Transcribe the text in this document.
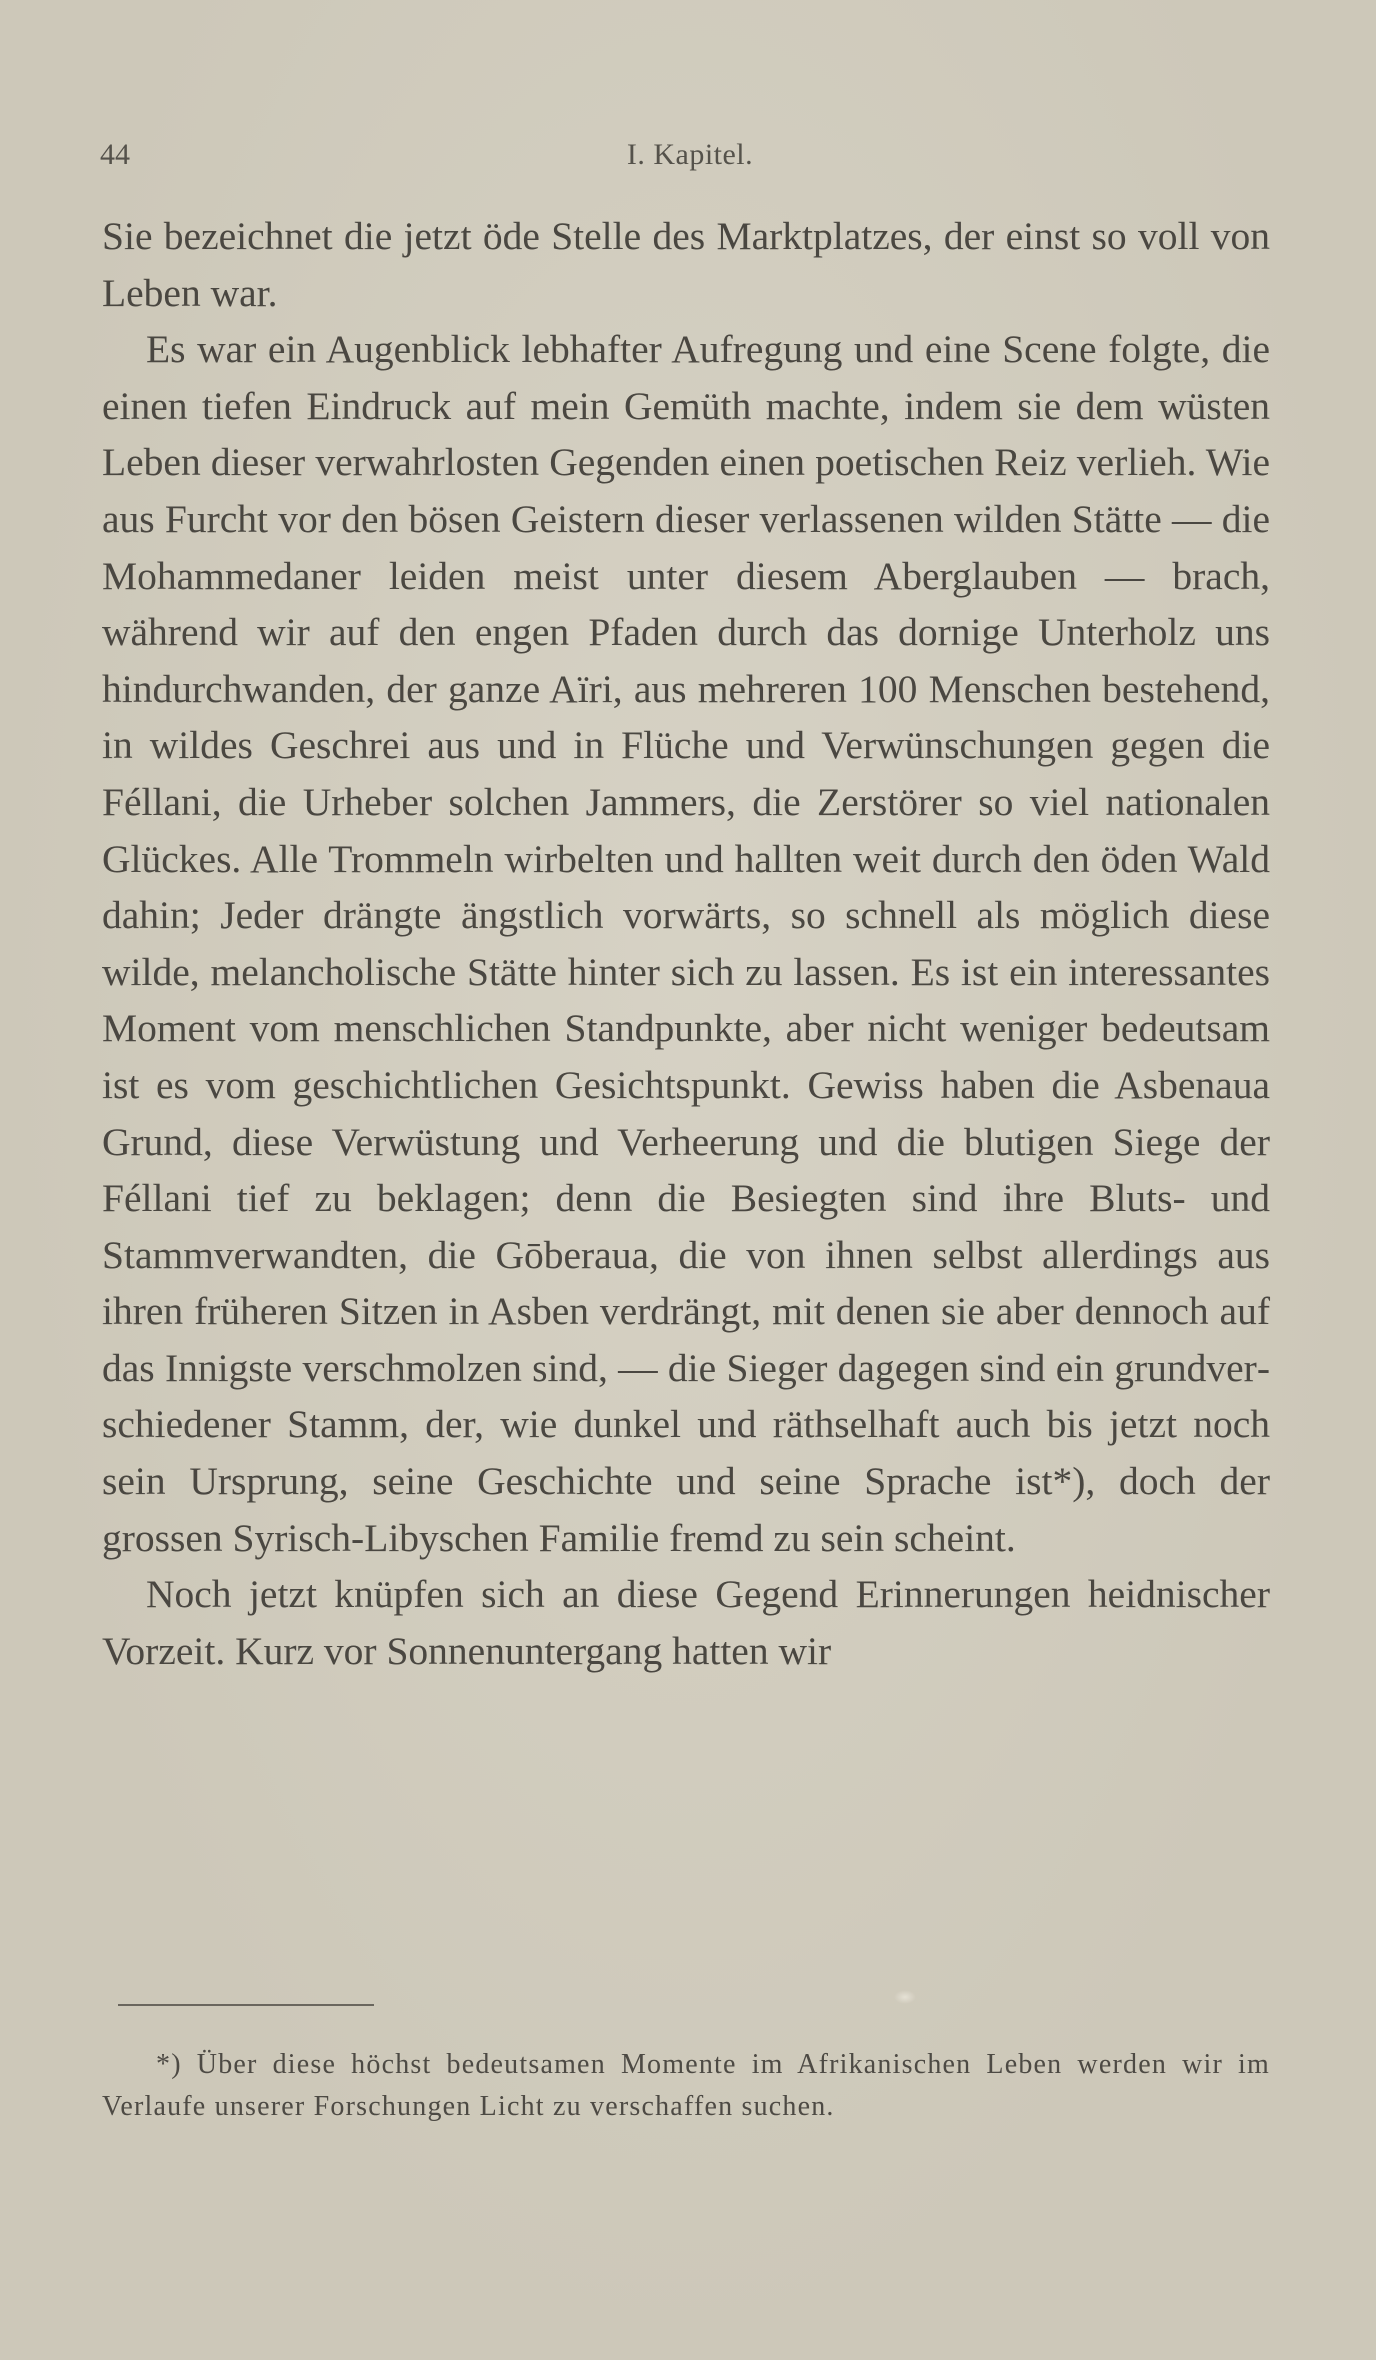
44	I. Kapitel.

Sie bezeichnet die jetzt öde Stelle des Marktplatzes, der einst so voll von Leben war.

Es war ein Augenblick lebhafter Aufregung und eine Scene folgte, die einen tiefen Eindruck auf mein Gemüth machte, indem sie dem wüsten Leben dieser verwahrlosten Gegenden einen poetischen Reiz verlieh. Wie aus Furcht vor den bösen Geistern dieser verlassenen wilden Stätte — die Mohammedaner leiden meist unter diesem Aberglauben — brach, während wir auf den engen Pfaden durch das dornige Unterholz uns hindurchwanden, der ganze Aïri, aus mehreren 100 Menschen bestehend, in wildes Geschrei aus und in Flüche und Verwünschungen gegen die Féllani, die Urheber solchen Jammers, die Zerstörer so viel nationalen Glückes. Alle Trommeln wirbelten und hallten weit durch den öden Wald dahin; Jeder drängte ängstlich vorwärts, so schnell als möglich diese wilde, melancholische Stätte hinter sich zu lassen. Es ist ein interessantes Moment vom menschlichen Standpunkte, aber nicht weniger bedeutsam ist es vom geschichtlichen Gesichtspunkt. Gewiss haben die Asbenaua Grund, diese Verwüstung und Verheerung und die blutigen Siege der Féllani tief zu beklagen; denn die Besiegten sind ihre Bluts- und Stammverwandten, die Gōberaua, die von ihnen selbst allerdings aus ihren früheren Sitzen in Asben verdrängt, mit denen sie aber dennoch auf das Innigste verschmolzen sind, — die Sieger dagegen sind ein grundverschiedener Stamm, der, wie dunkel und räthselhaft auch bis jetzt noch sein Ursprung, seine Geschichte und seine Sprache ist*), doch der grossen Syrisch-Libyschen Familie fremd zu sein scheint.

Noch jetzt knüpfen sich an diese Gegend Erinnerungen heidnischer Vorzeit. Kurz vor Sonnenuntergang hatten wir

*) Über diese höchst bedeutsamen Momente im Afrikanischen Leben werden wir im Verlaufe unserer Forschungen Licht zu verschaffen suchen.
